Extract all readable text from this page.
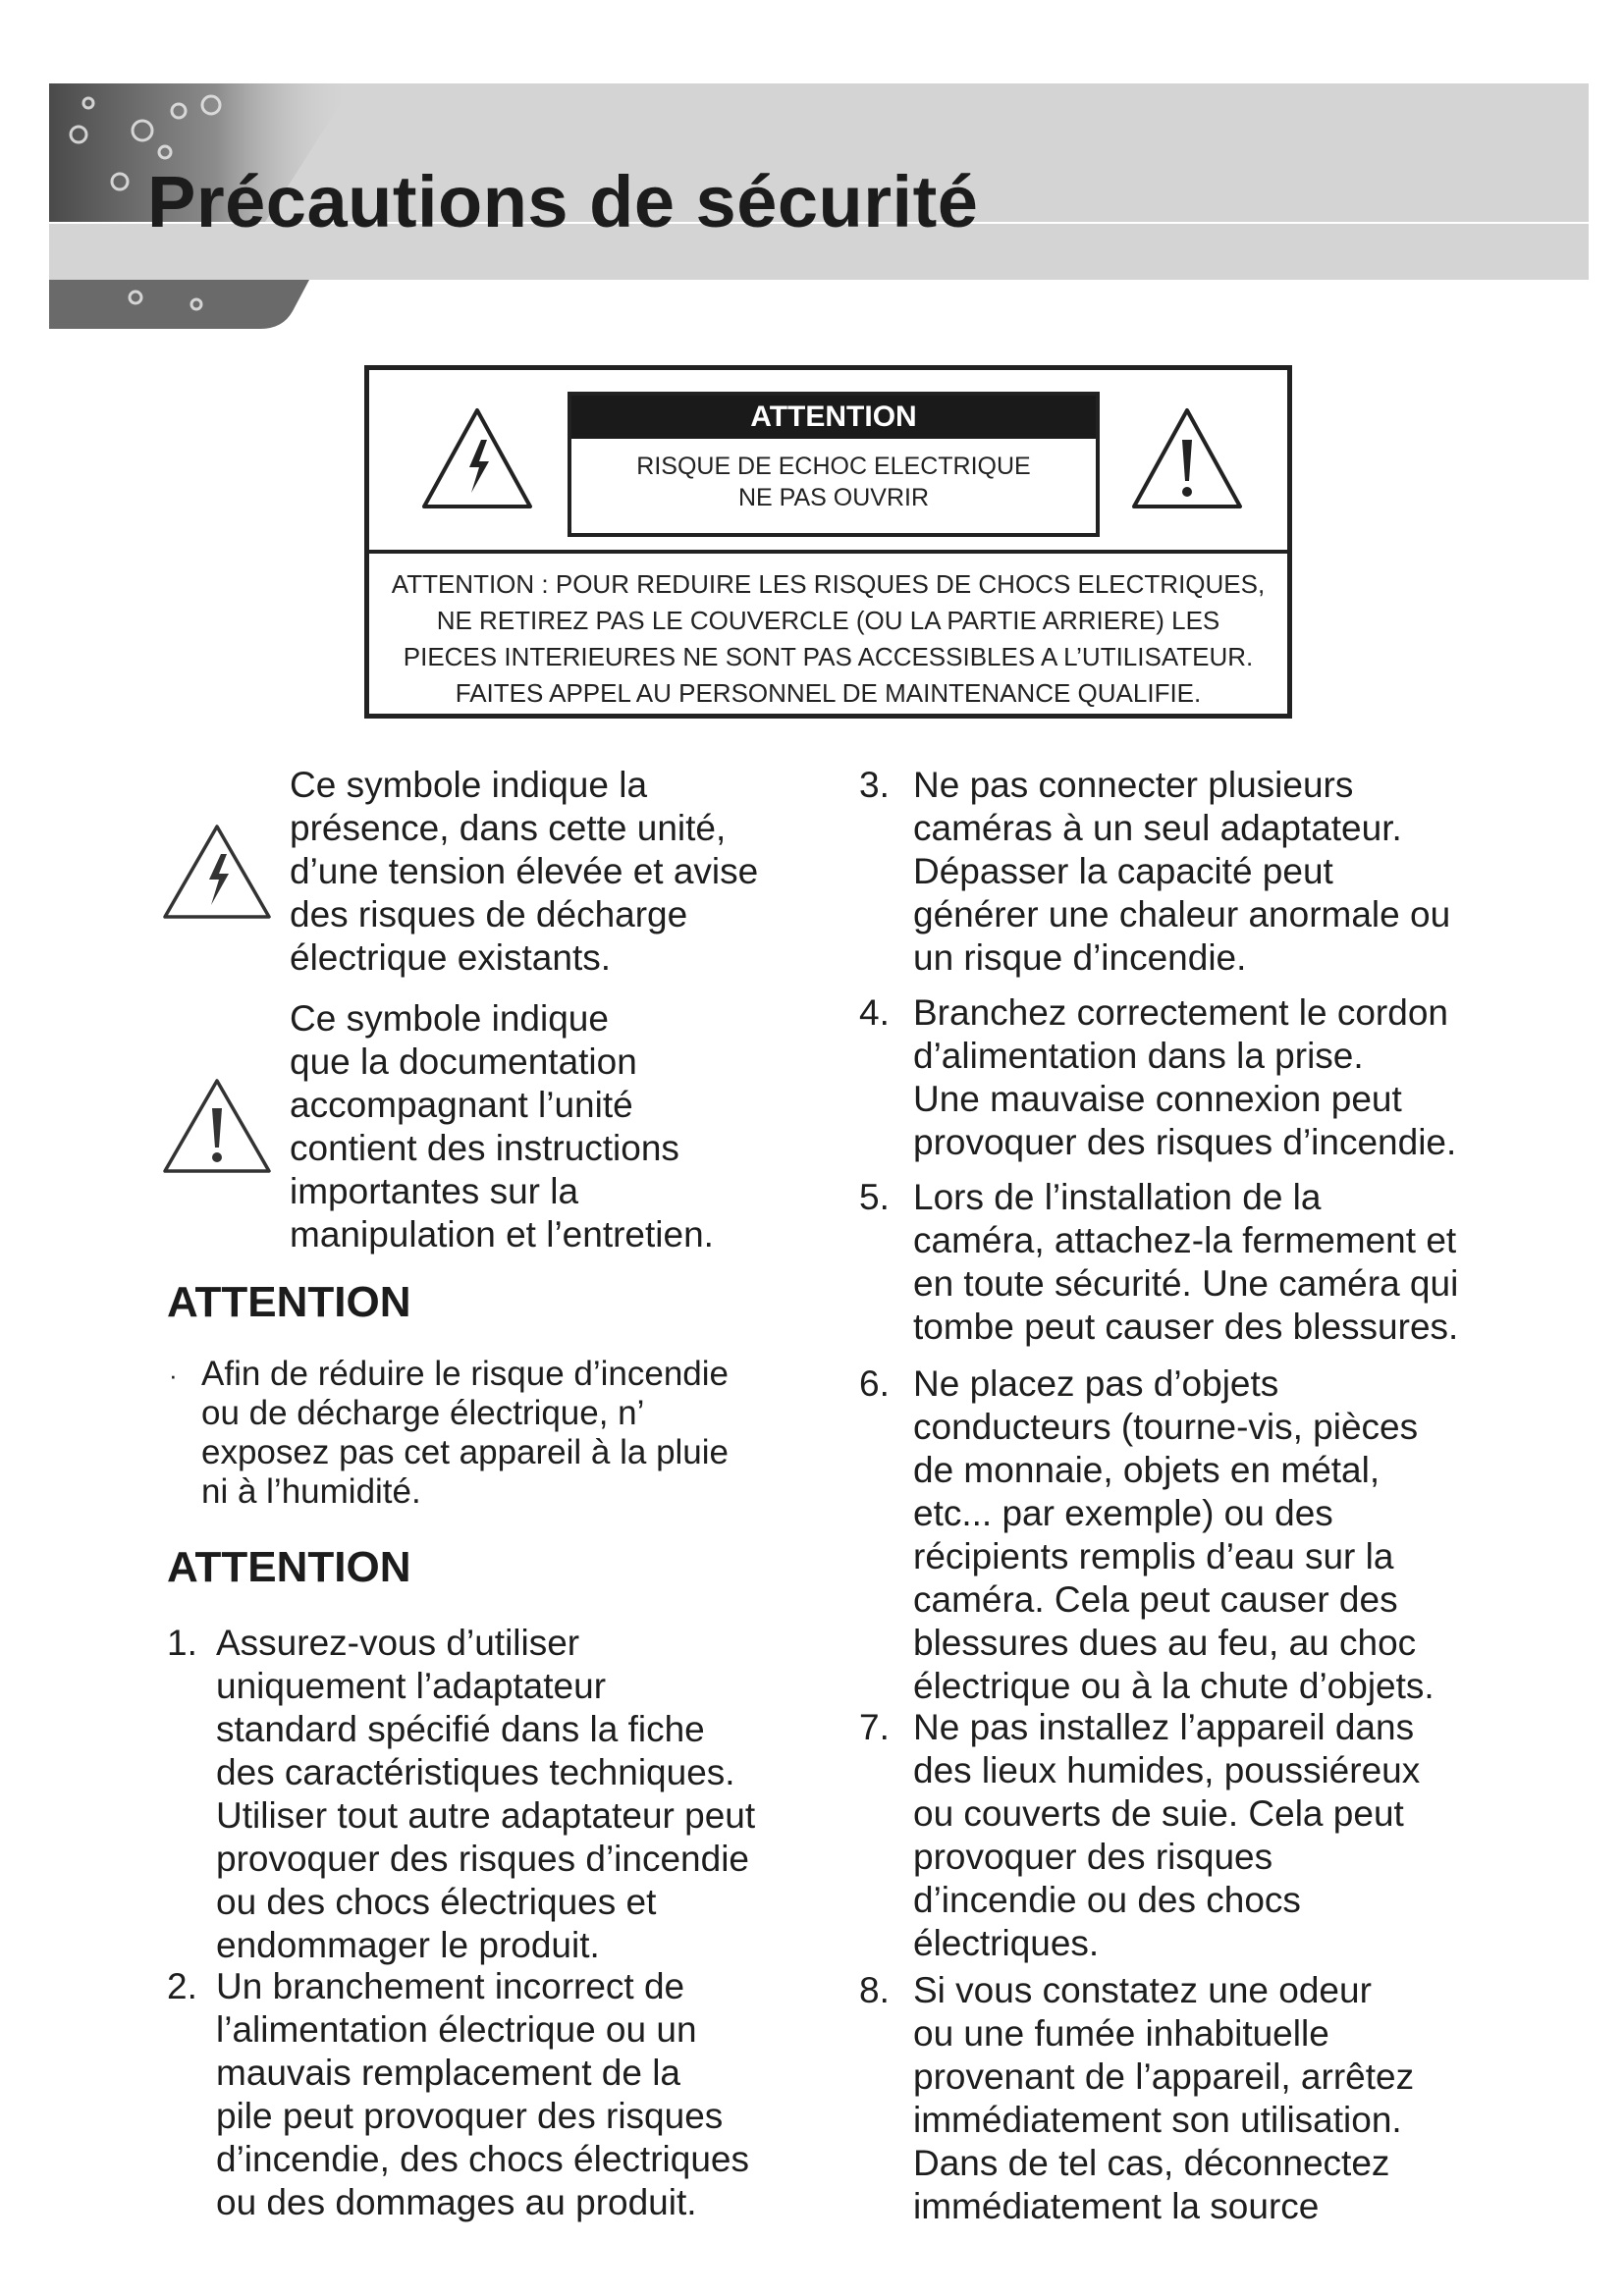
Précautions de sécurité
ATTENTION
RISQUE DE ECHOC ELECTRIQUE
NE PAS OUVRIR

ATTENTION : POUR REDUIRE LES RISQUES DE CHOCS ELECTRIQUES,

NE RETIREZ PAS LE COUVERCLE (OU LA PARTIE ARRIERE) LES

PIECES INTERIEURES NE SONT PAS ACCESSIBLES A L’UTILISATEUR.

FAITES APPEL AU PERSONNEL DE MAINTENANCE QUALIFIE.

Ce symbole indique la
présence, dans cette unité,
d’une tension élevée et avise
des risques de décharge
électrique existants.
Ce symbole indique
que la documentation
accompagnant l’unité
contient des instructions
importantes sur la
manipulation et l’entretien.
ATTENTION
· Afin de réduire le risque d’incendie
ou de décharge électrique, n’
exposez pas cet appareil à la pluie
ni à l’humidité.
ATTENTION
1. Assurez-vous d’utiliser
uniquement l’adaptateur
standard spécifié dans la fiche
des caractéristiques techniques.
Utiliser tout autre adaptateur peut
provoquer des risques d’incendie
ou des chocs électriques et
endommager le produit.
2. Un branchement incorrect de
l’alimentation électrique ou un
mauvais remplacement de la
pile peut provoquer des risques
d’incendie, des chocs électriques
ou des dommages au produit.
3. Ne pas connecter plusieurs
caméras à un seul adaptateur.
Dépasser la capacité peut
générer une chaleur anormale ou
un risque d’incendie.
4. Branchez correctement le cordon
d’alimentation dans la prise.
Une mauvaise connexion peut
provoquer des risques d’incendie.
5. Lors de l’installation de la
caméra, attachez-la fermement et
en toute sécurité. Une caméra qui
tombe peut causer des blessures.
6. Ne placez pas d’objets
conducteurs (tourne-vis, pièces
de monnaie, objets en métal,
etc... par exemple) ou des
récipients remplis d’eau sur la
caméra. Cela peut causer des
blessures dues au feu, au choc
électrique ou à la chute d’objets.
7. Ne pas installez l’appareil dans
des lieux humides, poussiéreux
ou couverts de suie. Cela peut
provoquer des risques
d’incendie ou des chocs
électriques.
8. Si vous constatez une odeur
ou une fumée inhabituelle
provenant de l’appareil, arrêtez
immédiatement son utilisation.
Dans de tel cas, déconnectez
immédiatement la source
